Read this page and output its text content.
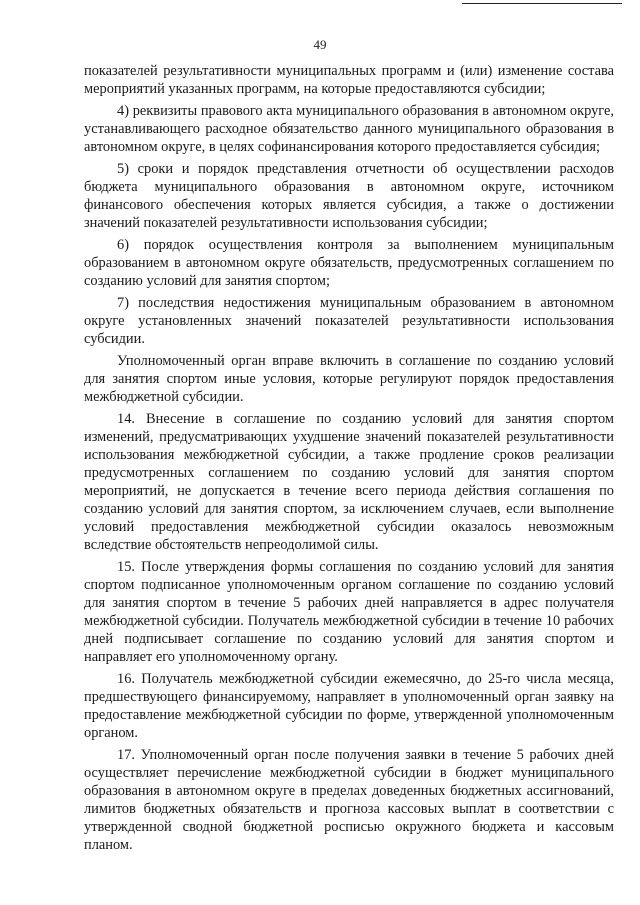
49

показателей результативности муниципальных программ и (или) изменение состава мероприятий указанных программ, на которые предоставляются субсидии;

4) реквизиты правового акта муниципального образования в автономном округе, устанавливающего расходное обязательство данного муниципального образования в автономном округе, в целях софинансирования которого предоставляется субсидия;

5) сроки и порядок представления отчетности об осуществлении расходов бюджета муниципального образования в автономном округе, источником финансового обеспечения которых является субсидия, а также о достижении значений показателей результативности использования субсидии;

6) порядок осуществления контроля за выполнением муниципальным образованием в автономном округе обязательств, предусмотренных соглашением по созданию условий для занятия спортом;

7) последствия недостижения муниципальным образованием в автономном округе установленных значений показателей результативности использования субсидии.

Уполномоченный орган вправе включить в соглашение по созданию условий для занятия спортом иные условия, которые регулируют порядок предоставления межбюджетной субсидии.

14. Внесение в соглашение по созданию условий для занятия спортом изменений, предусматривающих ухудшение значений показателей результативности использования межбюджетной субсидии, а также продление сроков реализации предусмотренных соглашением по созданию условий для занятия спортом мероприятий, не допускается в течение всего периода действия соглашения по созданию условий для занятия спортом, за исключением случаев, если выполнение условий предоставления межбюджетной субсидии оказалось невозможным вследствие обстоятельств непреодолимой силы.

15. После утверждения формы соглашения по созданию условий для занятия спортом подписанное уполномоченным органом соглашение по созданию условий для занятия спортом в течение 5 рабочих дней направляется в адрес получателя межбюджетной субсидии. Получатель межбюджетной субсидии в течение 10 рабочих дней подписывает соглашение по созданию условий для занятия спортом и направляет его уполномоченному органу.

16. Получатель межбюджетной субсидии ежемесячно, до 25-го числа месяца, предшествующего финансируемому, направляет в уполномоченный орган заявку на предоставление межбюджетной субсидии по форме, утвержденной уполномоченным органом.

17. Уполномоченный орган после получения заявки в течение 5 рабочих дней осуществляет перечисление межбюджетной субсидии в бюджет муниципального образования в автономном округе в пределах доведенных бюджетных ассигнований, лимитов бюджетных обязательств и прогноза кассовых выплат в соответствии с утвержденной сводной бюджетной росписью окружного бюджета и кассовым планом.
